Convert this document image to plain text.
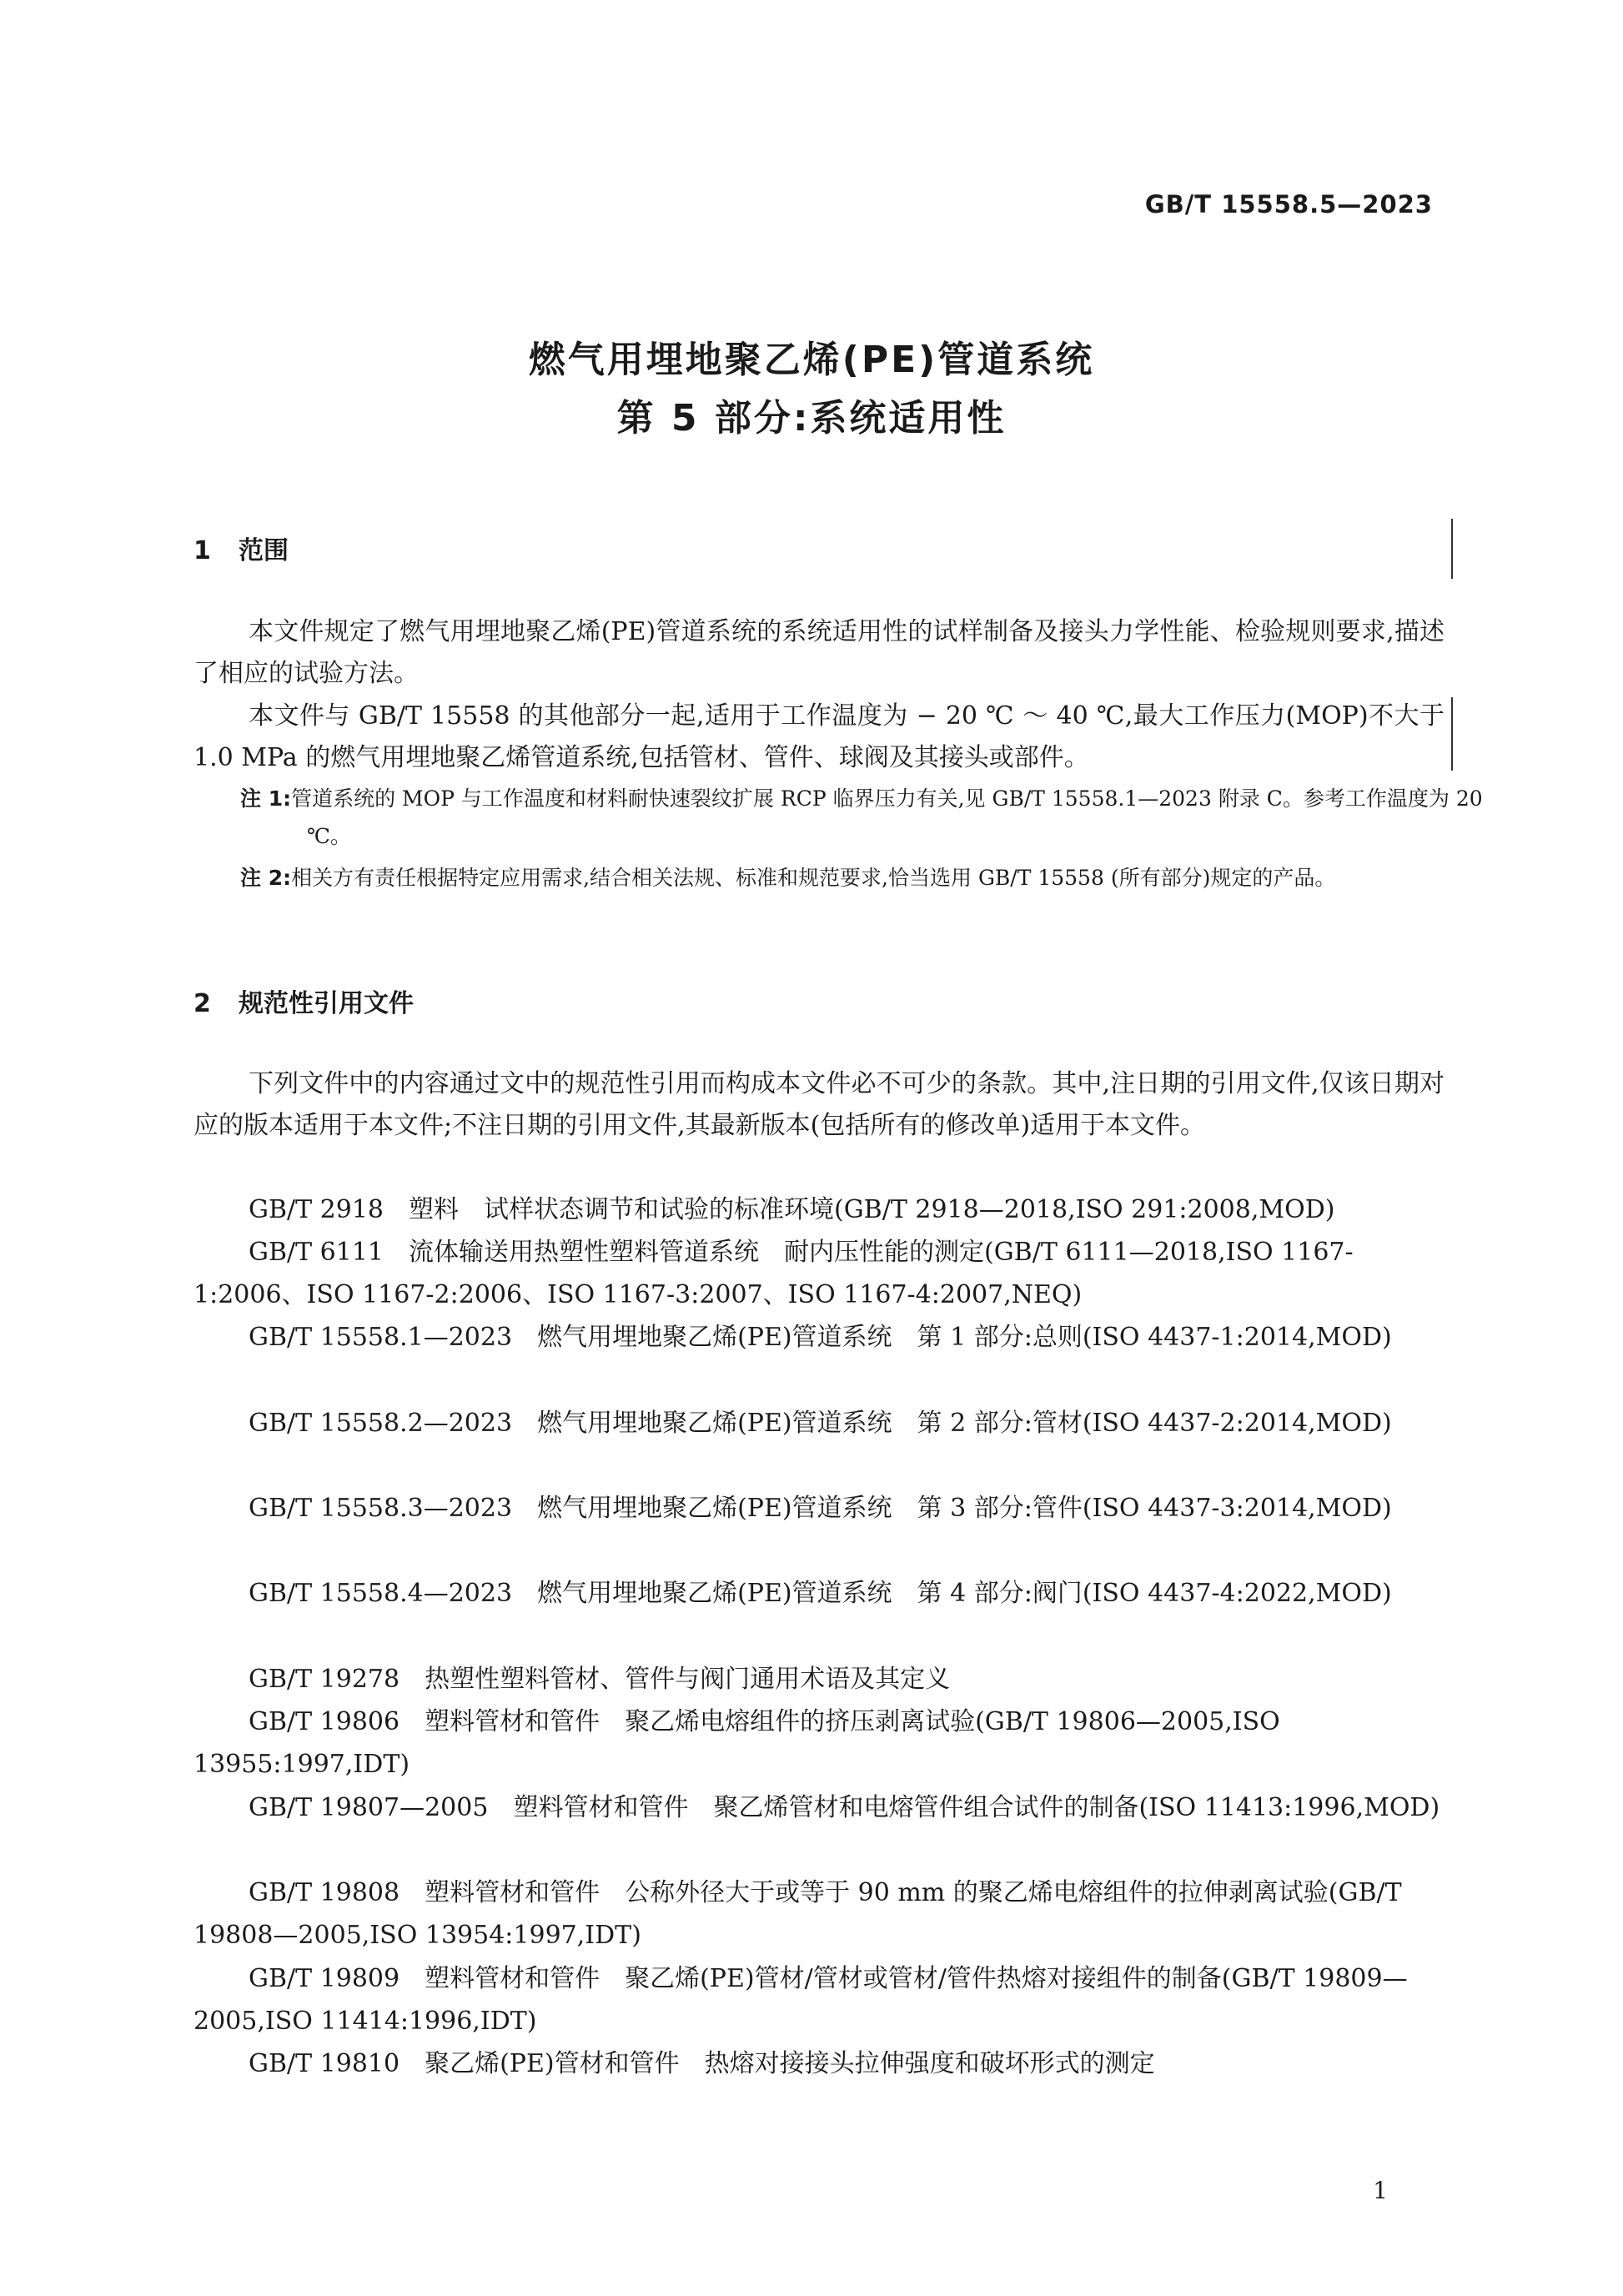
GB/T 15558.5—2023
燃气用埋地聚乙烯(PE)管道系统
第 5 部分:系统适用性
1 范围
本文件规定了燃气用埋地聚乙烯(PE)管道系统的系统适用性的试样制备及接头力学性能、检验规则要求,描述了相应的试验方法。
本文件与 GB/T 15558 的其他部分一起,适用于工作温度为 − 20 ℃ ～ 40 ℃,最大工作压力(MOP)不大于 1.0 MPa 的燃气用埋地聚乙烯管道系统,包括管材、管件、球阀及其接头或部件。
注 1:管道系统的 MOP 与工作温度和材料耐快速裂纹扩展 RCP 临界压力有关,见 GB/T 15558.1—2023 附录 C。参考工作温度为 20 ℃。
注 2:相关方有责任根据特定应用需求,结合相关法规、标准和规范要求,恰当选用 GB/T 15558 (所有部分)规定的产品。
2 规范性引用文件
下列文件中的内容通过文中的规范性引用而构成本文件必不可少的条款。其中,注日期的引用文件,仅该日期对应的版本适用于本文件;不注日期的引用文件,其最新版本(包括所有的修改单)适用于本文件。
GB/T 2918　塑料　试样状态调节和试验的标准环境(GB/T 2918—2018,ISO 291:2008,MOD)
GB/T 6111　流体输送用热塑性塑料管道系统　耐内压性能的测定(GB/T 6111—2018,ISO 1167-1:2006、ISO 1167-2:2006、ISO 1167-3:2007、ISO 1167-4:2007,NEQ)
GB/T 15558.1—2023　燃气用埋地聚乙烯(PE)管道系统　第 1 部分:总则(ISO 4437-1:2014,MOD)
GB/T 15558.2—2023　燃气用埋地聚乙烯(PE)管道系统　第 2 部分:管材(ISO 4437-2:2014,MOD)
GB/T 15558.3—2023　燃气用埋地聚乙烯(PE)管道系统　第 3 部分:管件(ISO 4437-3:2014,MOD)
GB/T 15558.4—2023　燃气用埋地聚乙烯(PE)管道系统　第 4 部分:阀门(ISO 4437-4:2022,MOD)
GB/T 19278　热塑性塑料管材、管件与阀门通用术语及其定义
GB/T 19806　塑料管材和管件　聚乙烯电熔组件的挤压剥离试验(GB/T 19806—2005,ISO 13955:1997,IDT)
GB/T 19807—2005　塑料管材和管件　聚乙烯管材和电熔管件组合试件的制备(ISO 11413:1996,MOD)
GB/T 19808　塑料管材和管件　公称外径大于或等于 90 mm 的聚乙烯电熔组件的拉伸剥离试验(GB/T 19808—2005,ISO 13954:1997,IDT)
GB/T 19809　塑料管材和管件　聚乙烯(PE)管材/管材或管材/管件热熔对接组件的制备(GB/T 19809—2005,ISO 11414:1996,IDT)
GB/T 19810　聚乙烯(PE)管材和管件　热熔对接接头拉伸强度和破坏形式的测定
1
